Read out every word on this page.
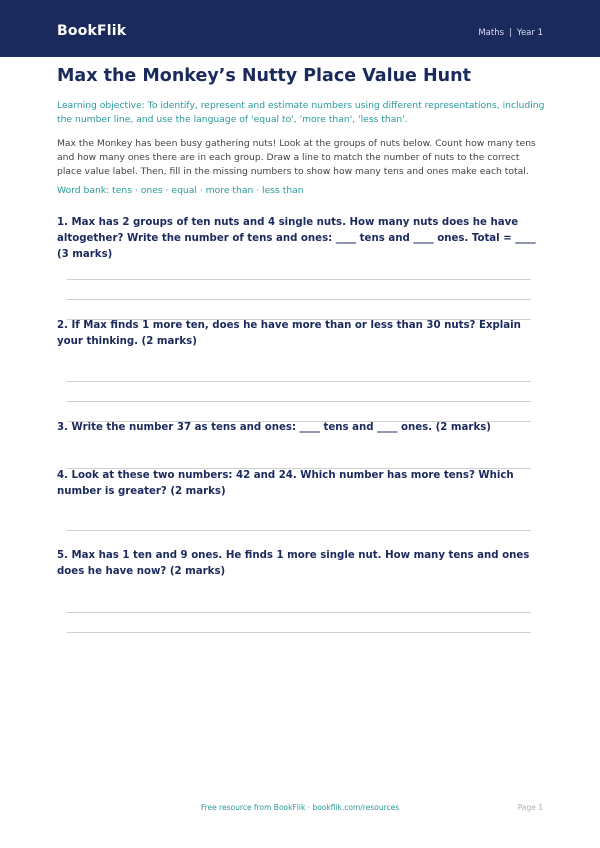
BookFlik	Maths | Year 1
Max the Monkey’s Nutty Place Value Hunt
Learning objective: To identify, represent and estimate numbers using different representations, including the number line, and use the language of 'equal to', 'more than', 'less than'.
Max the Monkey has been busy gathering nuts! Look at the groups of nuts below. Count how many tens and how many ones there are in each group. Draw a line to match the number of nuts to the correct place value label. Then, fill in the missing numbers to show how many tens and ones make each total.
Word bank: tens · ones · equal · more than · less than
1. Max has 2 groups of ten nuts and 4 single nuts. How many nuts does he have altogether? Write the number of tens and ones: ____ tens and ____ ones. Total = ____ (3 marks)
2. If Max finds 1 more ten, does he have more than or less than 30 nuts? Explain your thinking. (2 marks)
3. Write the number 37 as tens and ones: ____ tens and ____ ones. (2 marks)
4. Look at these two numbers: 42 and 24. Which number has more tens? Which number is greater? (2 marks)
5. Max has 1 ten and 9 ones. He finds 1 more single nut. How many tens and ones does he have now? (2 marks)
Free resource from BookFlik · bookflik.com/resources	Page 1
